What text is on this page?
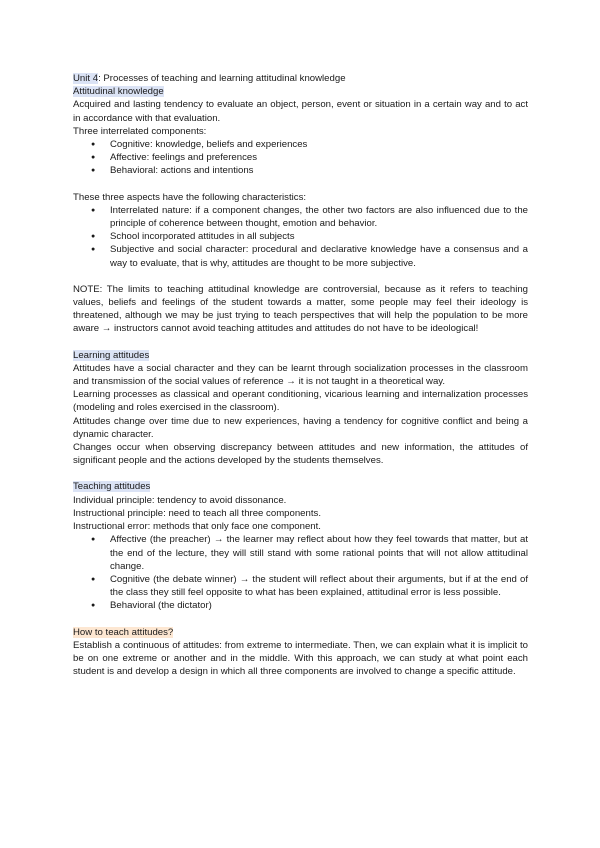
Unit 4: Processes of teaching and learning attitudinal knowledge

Attitudinal knowledge

Acquired and lasting tendency to evaluate an object, person, event or situation in a certain way and to act in accordance with that evaluation.

Three interrelated components:

● Cognitive: knowledge, beliefs and experiences
● Affective: feelings and preferences
● Behavioral: actions and intentions

These three aspects have the following characteristics:

● Interrelated nature: if a component changes, the other two factors are also influenced due to the principle of coherence between thought, emotion and behavior.
● School incorporated attitudes in all subjects
● Subjective and social character: procedural and declarative knowledge have a consensus and a way to evaluate, that is why, attitudes are thought to be more subjective.

NOTE: The limits to teaching attitudinal knowledge are controversial, because as it refers to teaching values, beliefs and feelings of the student towards a matter, some people may feel their ideology is threatened, although we may be just trying to teach perspectives that will help the population to be more aware → instructors cannot avoid teaching attitudes and attitudes do not have to be ideological!

Learning attitudes

Attitudes have a social character and they can be learnt through socialization processes in the classroom and transmission of the social values of reference → it is not taught in a theoretical way.

Learning processes as classical and operant conditioning, vicarious learning and internalization processes (modeling and roles exercised in the classroom).

Attitudes change over time due to new experiences, having a tendency for cognitive conflict and being a dynamic character.

Changes occur when observing discrepancy between attitudes and new information, the attitudes of significant people and the actions developed by the students themselves.

Teaching attitudes

Individual principle: tendency to avoid dissonance.

Instructional principle: need to teach all three components.

Instructional error: methods that only face one component.

● Affective (the preacher) → the learner may reflect about how they feel towards that matter, but at the end of the lecture, they will still stand with some rational points that will not allow attitudinal change.
● Cognitive (the debate winner) → the student will reflect about their arguments, but if at the end of the class they still feel opposite to what has been explained, attitudinal error is less possible.
● Behavioral (the dictator)

How to teach attitudes?

Establish a continuous of attitudes: from extreme to intermediate. Then, we can explain what it is implicit to be on one extreme or another and in the middle. With this approach, we can study at what point each student is and develop a design in which all three components are involved to change a specific attitude.
